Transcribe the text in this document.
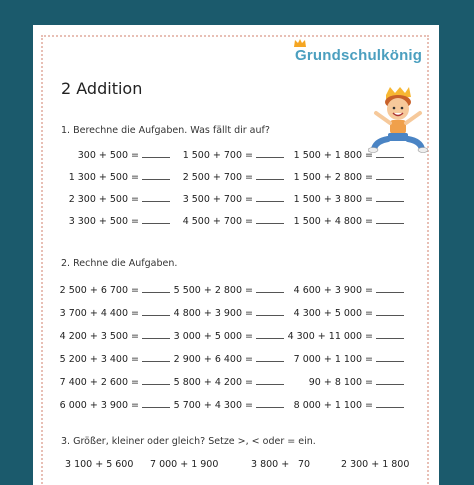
Grundschulkönig
2 Addition
1. Berechne die Aufgaben. Was fällt dir auf?
300 + 500 =	1 500 + 700 =	1 500 + 1 800 =
1 300 + 500 =	2 500 + 700 =	1 500 + 2 800 =
2 300 + 500 =	3 500 + 700 =	1 500 + 3 800 =
3 300 + 500 =	4 500 + 700 =	1 500 + 4 800 =
2. Rechne die Aufgaben.
2 500 + 6 700 =	5 500 + 2 800 =	4 600 + 3 900 =
3 700 + 4 400 =	4 800 + 3 900 =	4 300 + 5 000 =
4 200 + 3 500 =	3 000 + 5 000 =	4 300 + 11 000 =
5 200 + 3 400 =	2 900 + 6 400 =	7 000 + 1 100 =
7 400 + 2 600 =	5 800 + 4 200 =	90 + 8 100 =
6 000 + 3 900 =	5 700 + 4 300 =	8 000 + 1 100 =
3. Größer, kleiner oder gleich? Setze >, < oder = ein.
3 100 + 5 600 7 000 + 1 900	3 800 + 70	2 300 + 1 800
